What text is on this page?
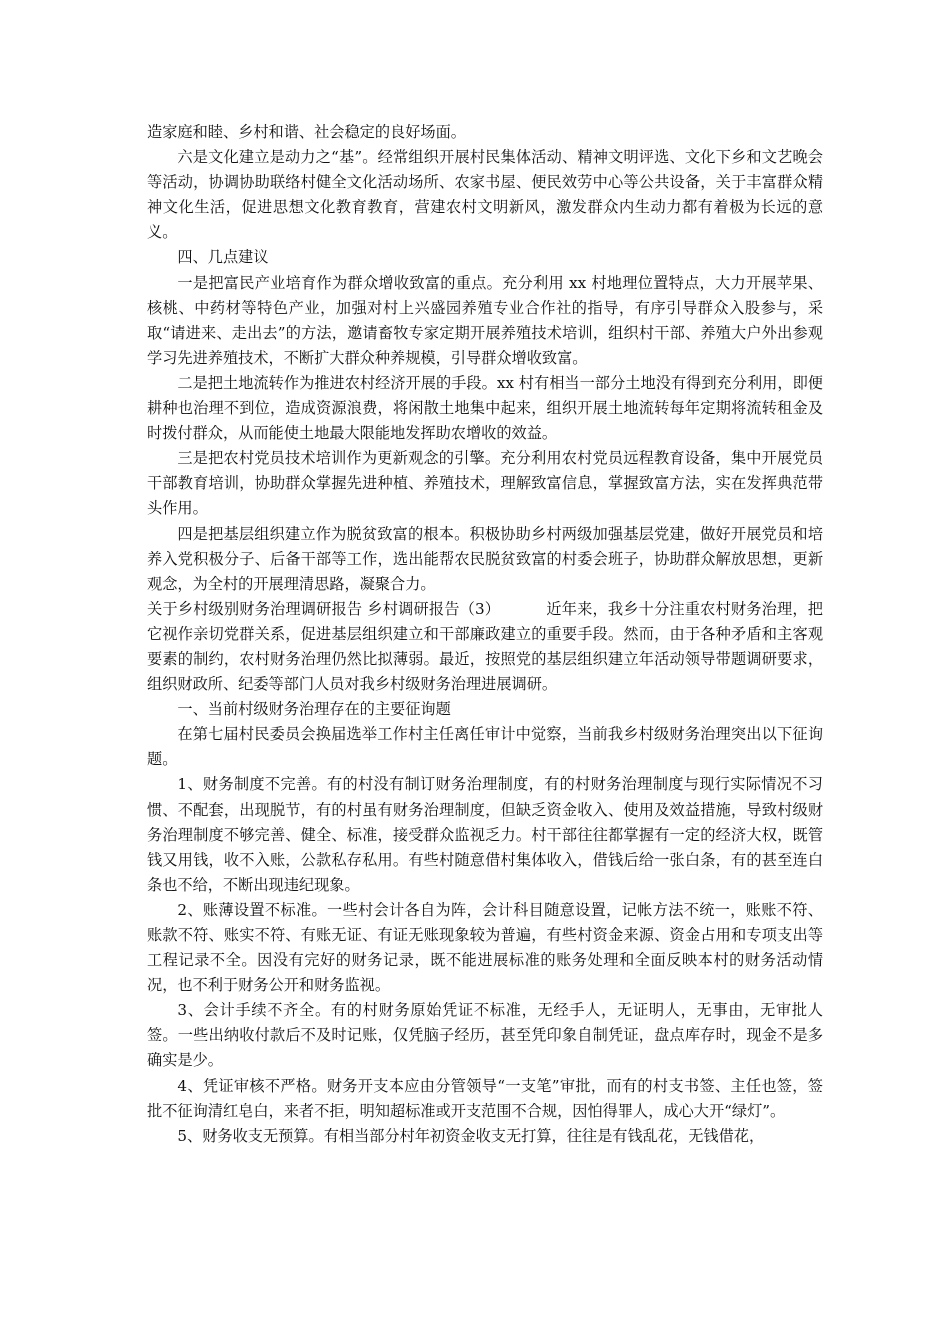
造家庭和睦、乡村和谐、社会稳定的良好场面。

六是文化建立是动力之“基”。经常组织开展村民集体活动、精神文明评选、文化下乡和文艺晚会等活动，协调协助联络村健全文化活动场所、农家书屋、便民效劳中心等公共设备，关于丰富群众精神文化生活，促进思想文化教育教育，营建农村文明新风，激发群众内生动力都有着极为长远的意义。

四、几点建议

一是把富民产业培育作为群众增收致富的重点。充分利用 xx 村地理位置特点，大力开展苹果、核桃、中药材等特色产业，加强对村上兴盛园养殖专业合作社的指导，有序引导群众入股参与，采取“请进来、走出去”的方法，邀请畜牧专家定期开展养殖技术培训，组织村干部、养殖大户外出参观学习先进养殖技术，不断扩大群众种养规模，引导群众增收致富。

二是把土地流转作为推进农村经济开展的手段。xx 村有相当一部分土地没有得到充分利用，即便耕种也治理不到位，造成资源浪费，将闲散土地集中起来，组织开展土地流转每年定期将流转租金及时拨付群众，从而能使土地最大限能地发挥助农增收的效益。

三是把农村党员技术培训作为更新观念的引擎。充分利用农村党员远程教育设备，集中开展党员干部教育培训，协助群众掌握先进种植、养殖技术，理解致富信息，掌握致富方法，实在发挥典范带头作用。

四是把基层组织建立作为脱贫致富的根本。积极协助乡村两级加强基层党建，做好开展党员和培养入党积极分子、后备干部等工作，选出能帮农民脱贫致富的村委会班子，协助群众解放思想，更新观念，为全村的开展理清思路，凝聚合力。

关于乡村级别财务治理调研报告 乡村调研报告（3）	近年来，我乡十分注重农村财务治理，把它视作亲切党群关系，促进基层组织建立和干部廉政建立的重要手段。然而，由于各种矛盾和主客观要素的制约，农村财务治理仍然比拟薄弱。最近，按照党的基层组织建立年活动领导带题调研要求，组织财政所、纪委等部门人员对我乡村级财务治理进展调研。

一、当前村级财务治理存在的主要征询题

在第七届村民委员会换届选举工作村主任离任审计中觉察，当前我乡村级财务治理突出以下征询题。

1、财务制度不完善。有的村没有制订财务治理制度，有的村财务治理制度与现行实际情况不习惯、不配套，出现脱节，有的村虽有财务治理制度，但缺乏资金收入、使用及效益措施，导致村级财务治理制度不够完善、健全、标准，接受群众监视乏力。村干部往往都掌握有一定的经济大权，既管钱又用钱，收不入账，公款私存私用。有些村随意借村集体收入，借钱后给一张白条，有的甚至连白条也不给，不断出现违纪现象。

2、账薄设置不标准。一些村会计各自为阵，会计科目随意设置，记帐方法不统一，账账不符、账款不符、账实不符、有账无证、有证无账现象较为普遍，有些村资金来源、资金占用和专项支出等工程记录不全。因没有完好的财务记录，既不能进展标准的账务处理和全面反映本村的财务活动情况，也不利于财务公开和财务监视。

3、会计手续不齐全。有的村财务原始凭证不标准，无经手人，无证明人，无事由，无审批人签。一些出纳收付款后不及时记账，仅凭脑子经历，甚至凭印象自制凭证，盘点库存时，现金不是多确实是少。

4、凭证审核不严格。财务开支本应由分管领导“一支笔”审批，而有的村支书签、主任也签，签批不征询清红皂白，来者不拒，明知超标准或开支范围不合规，因怕得罪人，成心大开“绿灯”。

5、财务收支无预算。有相当部分村年初资金收支无打算，往往是有钱乱花，无钱借花，
